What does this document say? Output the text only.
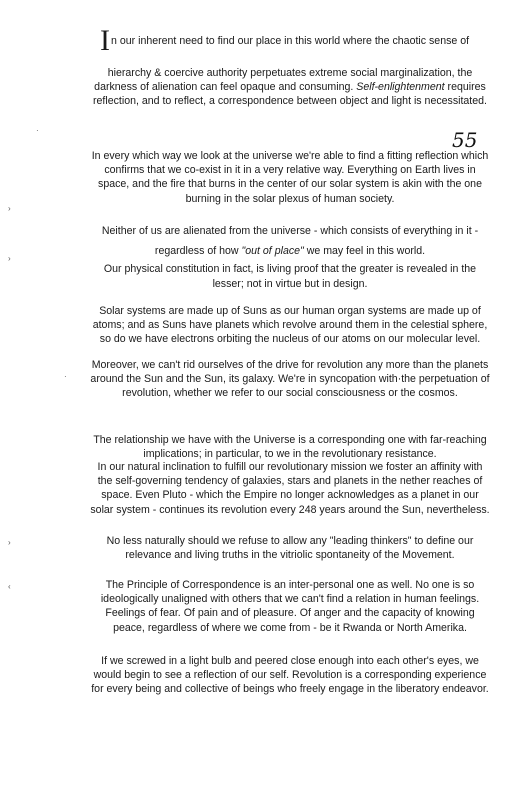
55
·
›
›
·
›
‹
In our inherent need to find our place in this world where the chaotic sense of
hierarchy & coercive authority perpetuates extreme social marginalization, the darkness of alienation can feel opaque and consuming. Self-enlightenment requires reflection, and to reflect, a correspondence between object and light is necessitated.
In every which way we look at the universe we're able to find a fitting reflection which confirms that we co-exist in it in a very relative way. Everything on Earth lives in space, and the fire that burns in the center of our solar system is akin with the one burning in the solar plexus of human society.
Neither of us are alienated from the universe - which consists of everything in it -
regardless of how "out of place" we may feel in this world.
Our physical constitution in fact, is living proof that the greater is revealed in the lesser; not in virtue but in design.
Solar systems are made up of Suns as our human organ systems are made up of atoms; and as Suns have planets which revolve around them in the celestial sphere, so do we have electrons orbiting the nucleus of our atoms on our molecular level.
Moreover, we can't rid ourselves of the drive for revolution any more than the planets around the Sun and the Sun, its galaxy. We're in syncopation with·the perpetuation of revolution, whether we refer to our social consciousness or the cosmos.
The relationship we have with the Universe is a corresponding one with far-reaching implications; in particular, to we in the revolutionary resistance.
In our natural inclination to fulfill our revolutionary mission we foster an affinity with the self-governing tendency of galaxies, stars and planets in the nether reaches of space. Even Pluto - which the Empire no longer acknowledges as a planet in our solar system - continues its revolution every 248 years around the Sun, nevertheless.
No less naturally should we refuse to allow any "leading thinkers" to define our relevance and living truths in the vitriolic spontaneity of the Movement.
The Principle of Correspondence is an inter-personal one as well. No one is so ideologically unaligned with others that we can't find a relation in human feelings. Feelings of fear. Of pain and of pleasure. Of anger and the capacity of knowing peace, regardless of where we come from - be it Rwanda or North Amerika.
If we screwed in a light bulb and peered close enough into each other's eyes, we would begin to see a reflection of our self. Revolution is a corresponding experience for every being and collective of beings who freely engage in the liberatory endeavor.
